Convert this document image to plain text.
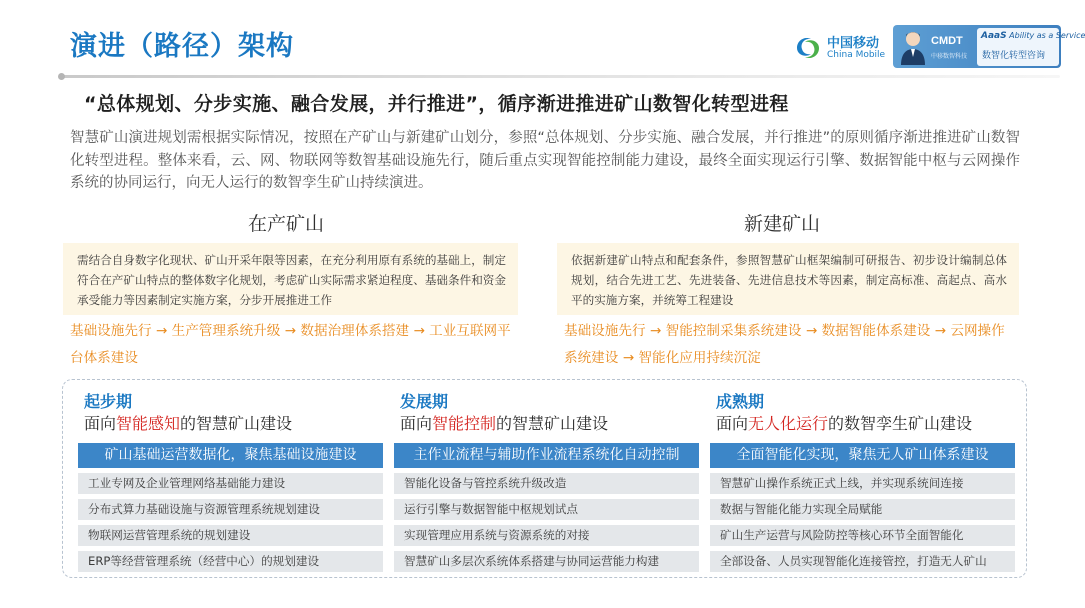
演进（路径）架构	中国移动
China Mobile
CMDT
中移数智科技
AaaS Ability as a Service
数智化转型咨询
“总体规划、分步实施、融合发展，并行推进”，循序渐进推进矿山数智化转型进程
智慧矿山演进规划需根据实际情况，按照在产矿山与新建矿山划分，参照“总体规划、分步实施、融合发展，并行推进”的原则循序渐进推进矿山数智化转型进程。整体来看，云、网、物联网等数智基础设施先行，随后重点实现智能控制能力建设，最终全面实现运行引擎、数据智能中枢与云网操作系统的协同运行，向无人运行的数智孪生矿山持续演进。
在产矿山	新建矿山
需结合自身数字化现状、矿山开采年限等因素，在充分利用原有系统的基础上，制定符合在产矿山特点的整体数字化规划，考虑矿山实际需求紧迫程度、基础条件和资金承受能力等因素制定实施方案，分步开展推进工作
依据新建矿山特点和配套条件，参照智慧矿山框架编制可研报告、初步设计编制总体规划，结合先进工艺、先进装备、先进信息技术等因素，制定高标准、高起点、高水平的实施方案，并统筹工程建设
基础设施先行 → 生产管理系统升级 → 数据治理体系搭建 → 工业互联网平台体系建设
基础设施先行 → 智能控制采集系统建设 → 数据智能体系建设 → 云网操作系统建设 → 智能化应用持续沉淀
起步期
面向智能感知的智慧矿山建设
矿山基础运营数据化，聚焦基础设施建设
工业专网及企业管理网络基础能力建设
分布式算力基础设施与资源管理系统规划建设
物联网运营管理系统的规划建设
ERP等经营管理系统（经营中心）的规划建设
发展期
面向智能控制的智慧矿山建设
主作业流程与辅助作业流程系统化自动控制
智能化设备与管控系统升级改造
运行引擎与数据智能中枢规划试点
实现管理应用系统与资源系统的对接
智慧矿山多层次系统体系搭建与协同运营能力构建
成熟期
面向无人化运行的数智孪生矿山建设
全面智能化实现，聚焦无人矿山体系建设
智慧矿山操作系统正式上线，并实现系统间连接
数据与智能化能力实现全局赋能
矿山生产运营与风险防控等核心环节全面智能化
全部设备、人员实现智能化连接管控，打造无人矿山
